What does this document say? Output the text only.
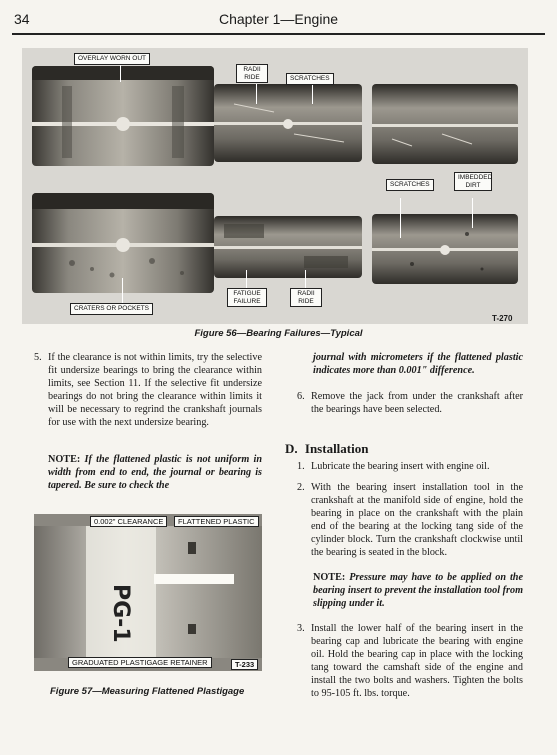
34	Chapter 1—Engine
OVERLAY WORN OUT
RADII RIDE	SCRATCHES
SCRATCHES
IMBEDDED DIRT
CRATERS OR POCKETS
FATIGUE FAILURE
RADII RIDE
T-270
Figure 56—Bearing Failures—Typical
5. If the clearance is not within limits, try the selective fit undersize bearings to bring the clearance within limits, see Section 11. If the selective fit undersize bearings do not bring the clearance within limits it will be necessary to regrind the crankshaft journals for use with the next undersize bearing.
NOTE: If the flattened plastic is not uniform in width from end to end, the journal or bearing is tapered. Be sure to check the
PG-1
0.002" CLEARANCE	FLATTENED PLASTIC
GRADUATED PLASTIGAGE RETAINER	T-233
Figure 57—Measuring Flattened Plastigage
journal with micrometers if the flattened plastic indicates more than 0.001" difference.
6. Remove the jack from under the crankshaft after the bearings have been selected.
D. Installation
1. Lubricate the bearing insert with engine oil.
2. With the bearing insert installation tool in the crankshaft at the manifold side of engine, hold the bearing in place on the crankshaft with the plain end of the bearing at the locking tang side of the cylinder block. Turn the crankshaft clockwise until the bearing is seated in the block.
NOTE: Pressure may have to be applied on the bearing insert to prevent the installation tool from slipping under it.
3. Install the lower half of the bearing insert in the bearing cap and lubricate the bearing with engine oil. Hold the bearing cap in place with the locking tang toward the camshaft side of the engine and install the two bolts and washers. Tighten the bolts to 95-105 ft. lbs. torque.
